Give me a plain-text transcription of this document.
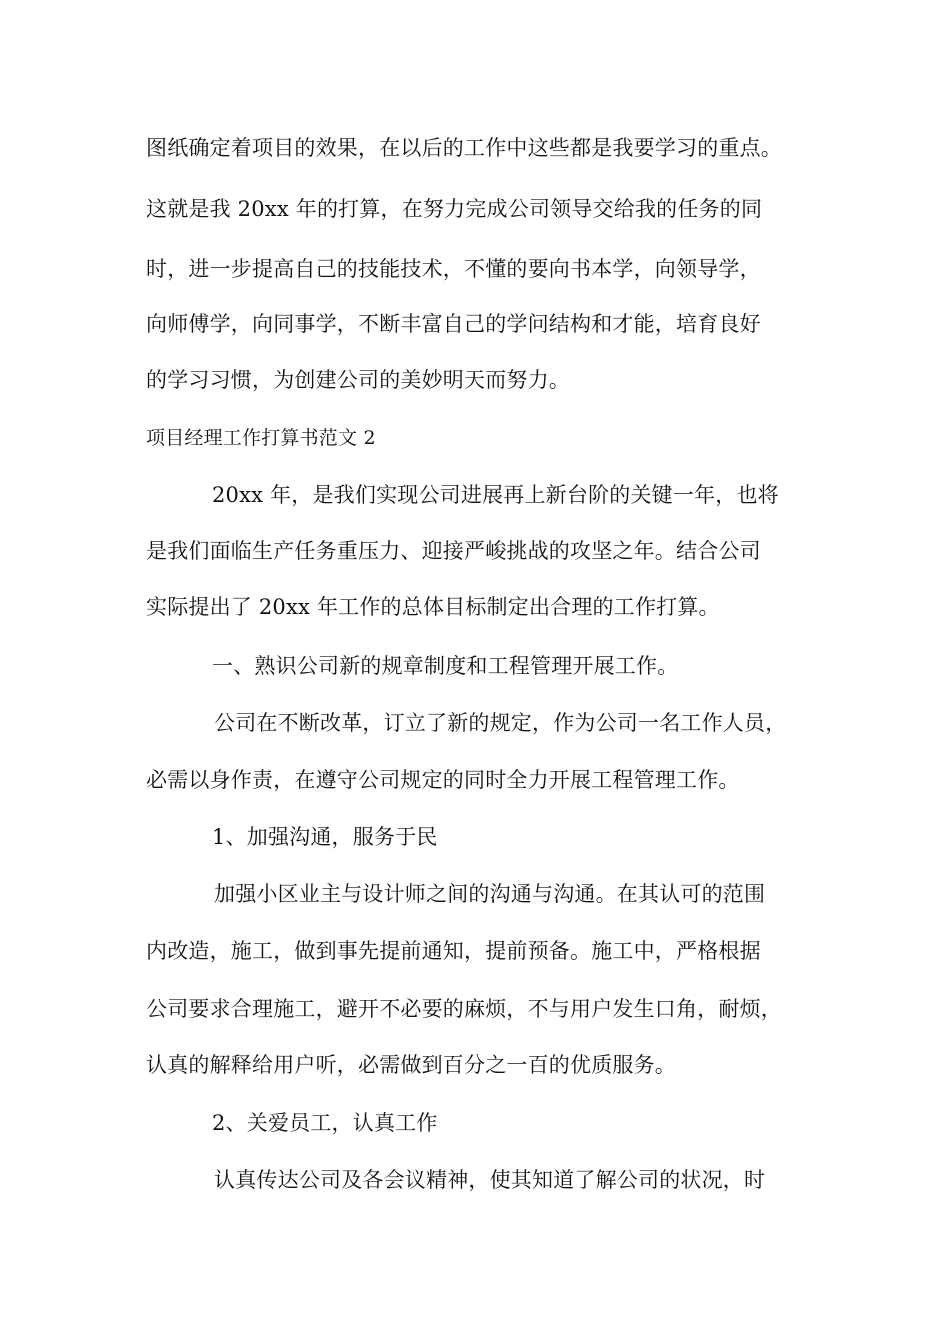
图纸确定着项目的效果，在以后的工作中这些都是我要学习的重点。
这就是我 20xx 年的打算，在努力完成公司领导交给我的任务的同
时，进一步提高自己的技能技术，不懂的要向书本学，向领导学，
向师傅学，向同事学，不断丰富自己的学问结构和才能，培育良好
的学习习惯，为创建公司的美妙明天而努力。
项目经理工作打算书范文 2
20xx 年，是我们实现公司进展再上新台阶的关键一年，也将
是我们面临生产任务重压力、迎接严峻挑战的攻坚之年。结合公司
实际提出了 20xx 年工作的总体目标制定出合理的工作打算。
一、熟识公司新的规章制度和工程管理开展工作。
公司在不断改革，订立了新的规定，作为公司一名工作人员，
必需以身作责，在遵守公司规定的同时全力开展工程管理工作。
1、加强沟通，服务于民
加强小区业主与设计师之间的沟通与沟通。在其认可的范围
内改造，施工，做到事先提前通知，提前预备。施工中，严格根据
公司要求合理施工，避开不必要的麻烦，不与用户发生口角，耐烦，
认真的解释给用户听，必需做到百分之一百的优质服务。
2、关爱员工，认真工作
认真传达公司及各会议精神，使其知道了解公司的状况，时
